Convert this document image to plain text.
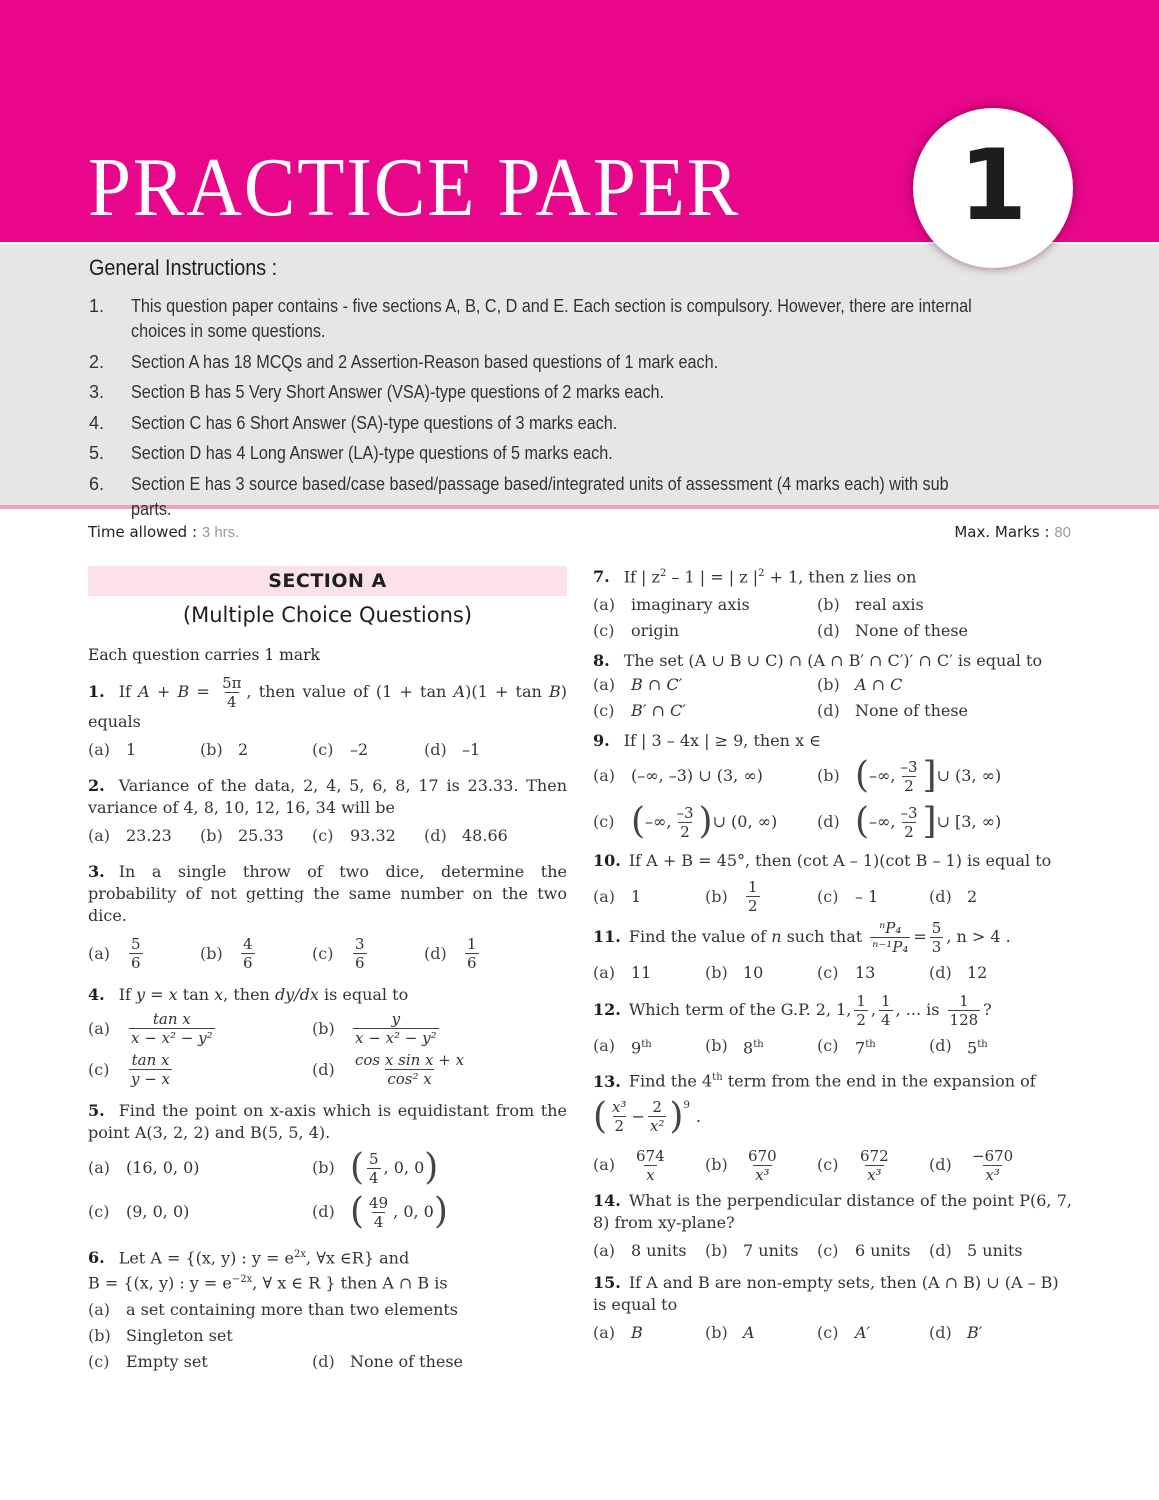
PRACTICE PAPER 1
General Instructions :
1.	This question paper contains - five sections A, B, C, D and E. Each section is compulsory. However, there are internal choices in some questions.
2.	Section A has 18 MCQs and 2 Assertion-Reason based questions of 1 mark each.
3.	Section B has 5 Very Short Answer (VSA)-type questions of 2 marks each.
4.	Section C has 6 Short Answer (SA)-type questions of 3 marks each.
5.	Section D has 4 Long Answer (LA)-type questions of 5 marks each.
6.	Section E has 3 source based/case based/passage based/integrated units of assessment (4 marks each) with sub parts.
Time allowed : 3 hrs.	Max. Marks : 80
SECTION A
(Multiple Choice Questions)
Each question carries 1 mark
1. If $A + B = \frac{5\pi}{4}$ , then value of (1 + tan A)(1 + tan B) equals
(a) 1	(b) 2	(c)	–2	(d) –1
2. Variance of the data, 2, 4, 5, 6, 8, 17 is 23.33. Then variance of 4, 8, 10, 12, 16, 34 will be
(a) 23.23 (b) 25.33 (c)	93.32 (d) 48.66
3. In a single throw of two dice, determine the probability of not getting the same number on the two dice.
(a)	$\frac{5}{6}$	(b)	$\frac{4}{6}$	(c)	$\frac{3}{6}$	(d)	$\frac{1}{6}$
4. If y = x tan x, then dy/dx is equal to
(a)	$\frac{\text{tan x}}{\text{x − x² − y²}}$	(b)	$\frac{y}{\text{x − x² − y²}}$
(c)	$\frac{\text{tan x}}{y - x}$	(d)	$\frac{\text{cos x sin x + x}}{\text{cos² x}}$
5. Find the point on x-axis which is equidistant from the point A(3, 2, 2) and B(5, 5, 4).
(a) (16, 0, 0)	(b) ( $\frac{5}{4}$ , 0, 0 )
(c)	(9, 0, 0)	(d) ( $\frac{49}{4}$ , 0, 0 )
6. Let A = {(x, y) : $y = e^{2x}$, ∀x ∈R} and
B = {(x, y) : $y = e^{-2x}$, ∀ x ∈ R } then A ∩ B is
(a) a set containing more than two elements
(b) Singleton set
(c)	Empty set	(d) None of these
7. If | $z^2 - 1$ | = | z $|^2 + 1$, then z lies on
(a) imaginary axis	(b) real axis
(c)	origin	(d) None of these
8. The set (A ∪ B ∪ C) ∩ (A ∩ B′ ∩ C′)′ ∩ C′ is equal to
(a) B ∩ C′	(b) A ∩ C
(c)	B′ ∩ C′	(d) None of these
9. If | 3 – 4x | ≥ 9, then x ∈
(a) (–∞, –3) ∪ (3, ∞)	(b) ( –∞, $\frac{-3}{2}$ ] ∪ (3, ∞)
(c) ( –∞, $\frac{-3}{2}$ ) ∪ (0, ∞) (d) ( –∞, $\frac{-3}{2}$ ] ∪ [3, ∞)
10. If A + B = 45°, then (cot A – 1)(cot B – 1) is equal to
(a) 1	(b)	$\frac{1}{2}$	(c)	– 1	(d) 2
11. Find the value of n such that $\frac{\text{ⁿP₄}}{\text{ⁿ⁻¹P₄}} = \frac{5}{3}$ , n > 4 .
(a) 11	(b) 10	(c)	13	(d) 12
12. Which term of the G.P. 2, 1, $\frac{1}{2}$ , $\frac{1}{4}$ , ... is $\frac{1}{128}$ ?
(a) 9th	(b) 8th	(c)	7th	(d) 5th
13. Find the 4th term from the end in the expansion of
( $\frac{\text{x³}}{2} - \frac{2}{\text{x²}} )^9$
.
(a)	$\frac{674}{x} (b)$	$\frac{670}{\text{x³}} (c)$	$\frac{672}{\text{x³}} (d)$	$\frac{-670}{\text{x³}}$
14. What is the perpendicular distance of the point P(6, 7, 8) from xy-plane?
(a) 8 units (b) 7 units (c)	6 units (d) 5 units
15. If A and B are non-empty sets, then (A ∩ B) ∪ (A – B) is equal to
(a) B	(b) A	(c)	A′	(d) B′
